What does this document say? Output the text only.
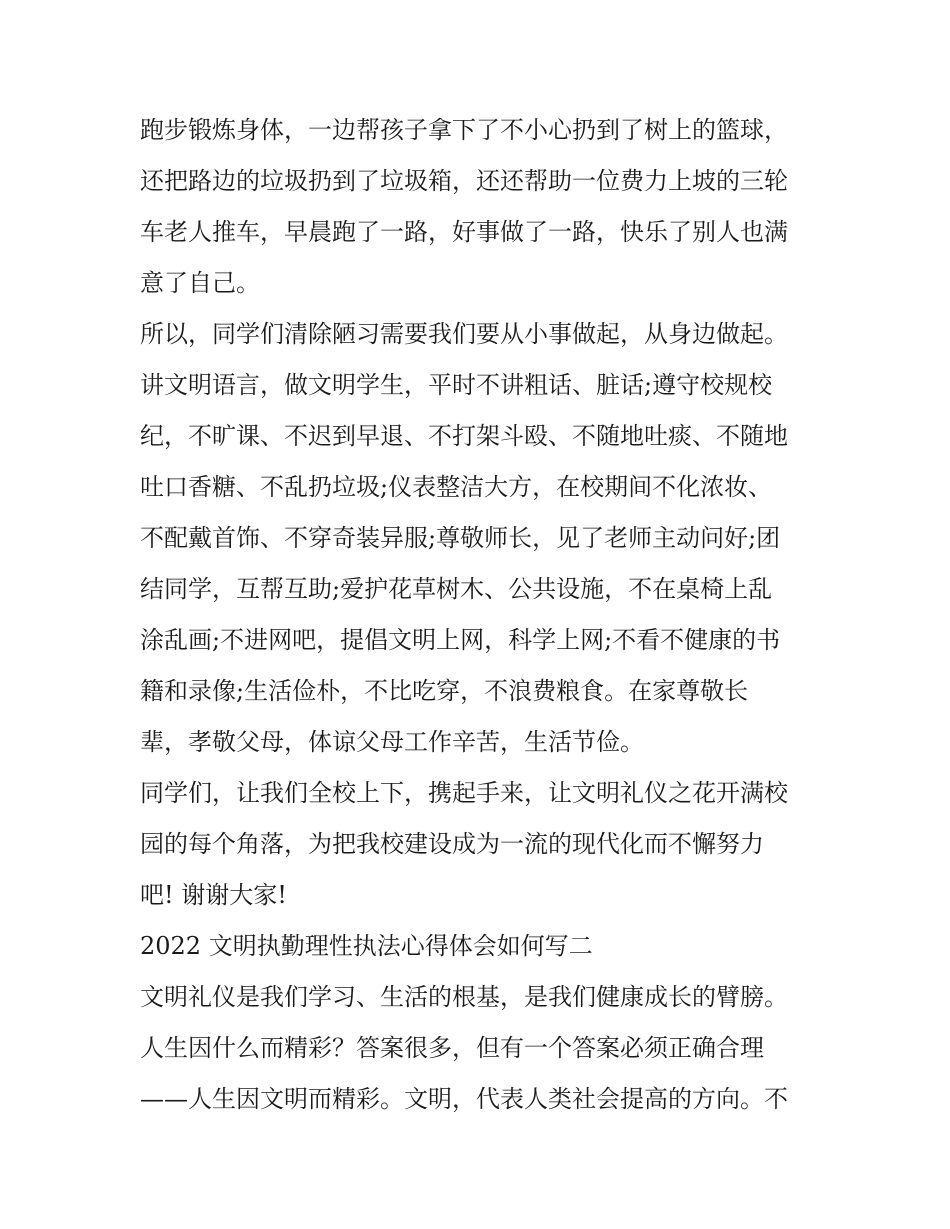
跑步锻炼身体，一边帮孩子拿下了不小心扔到了树上的篮球，
还把路边的垃圾扔到了垃圾箱，还还帮助一位费力上坡的三轮
车老人推车，早晨跑了一路，好事做了一路，快乐了别人也满
意了自己。
所以，同学们清除陋习需要我们要从小事做起，从身边做起。
讲文明语言，做文明学生，平时不讲粗话、脏话;遵守校规校
纪，不旷课、不迟到早退、不打架斗殴、不随地吐痰、不随地
吐口香糖、不乱扔垃圾;仪表整洁大方，在校期间不化浓妆、
不配戴首饰、不穿奇装异服;尊敬师长，见了老师主动问好;团
结同学，互帮互助;爱护花草树木、公共设施，不在桌椅上乱
涂乱画;不进网吧，提倡文明上网，科学上网;不看不健康的书
籍和录像;生活俭朴，不比吃穿，不浪费粮食。在家尊敬长
辈，孝敬父母，体谅父母工作辛苦，生活节俭。
同学们，让我们全校上下，携起手来，让文明礼仪之花开满校
园的每个角落，为把我校建设成为一流的现代化而不懈努力
吧! 谢谢大家!
2022 文明执勤理性执法心得体会如何写二
文明礼仪是我们学习、生活的根基，是我们健康成长的臂膀。
人生因什么而精彩？答案很多，但有一个答案必须正确合理
——人生因文明而精彩。文明，代表人类社会提高的方向。不
